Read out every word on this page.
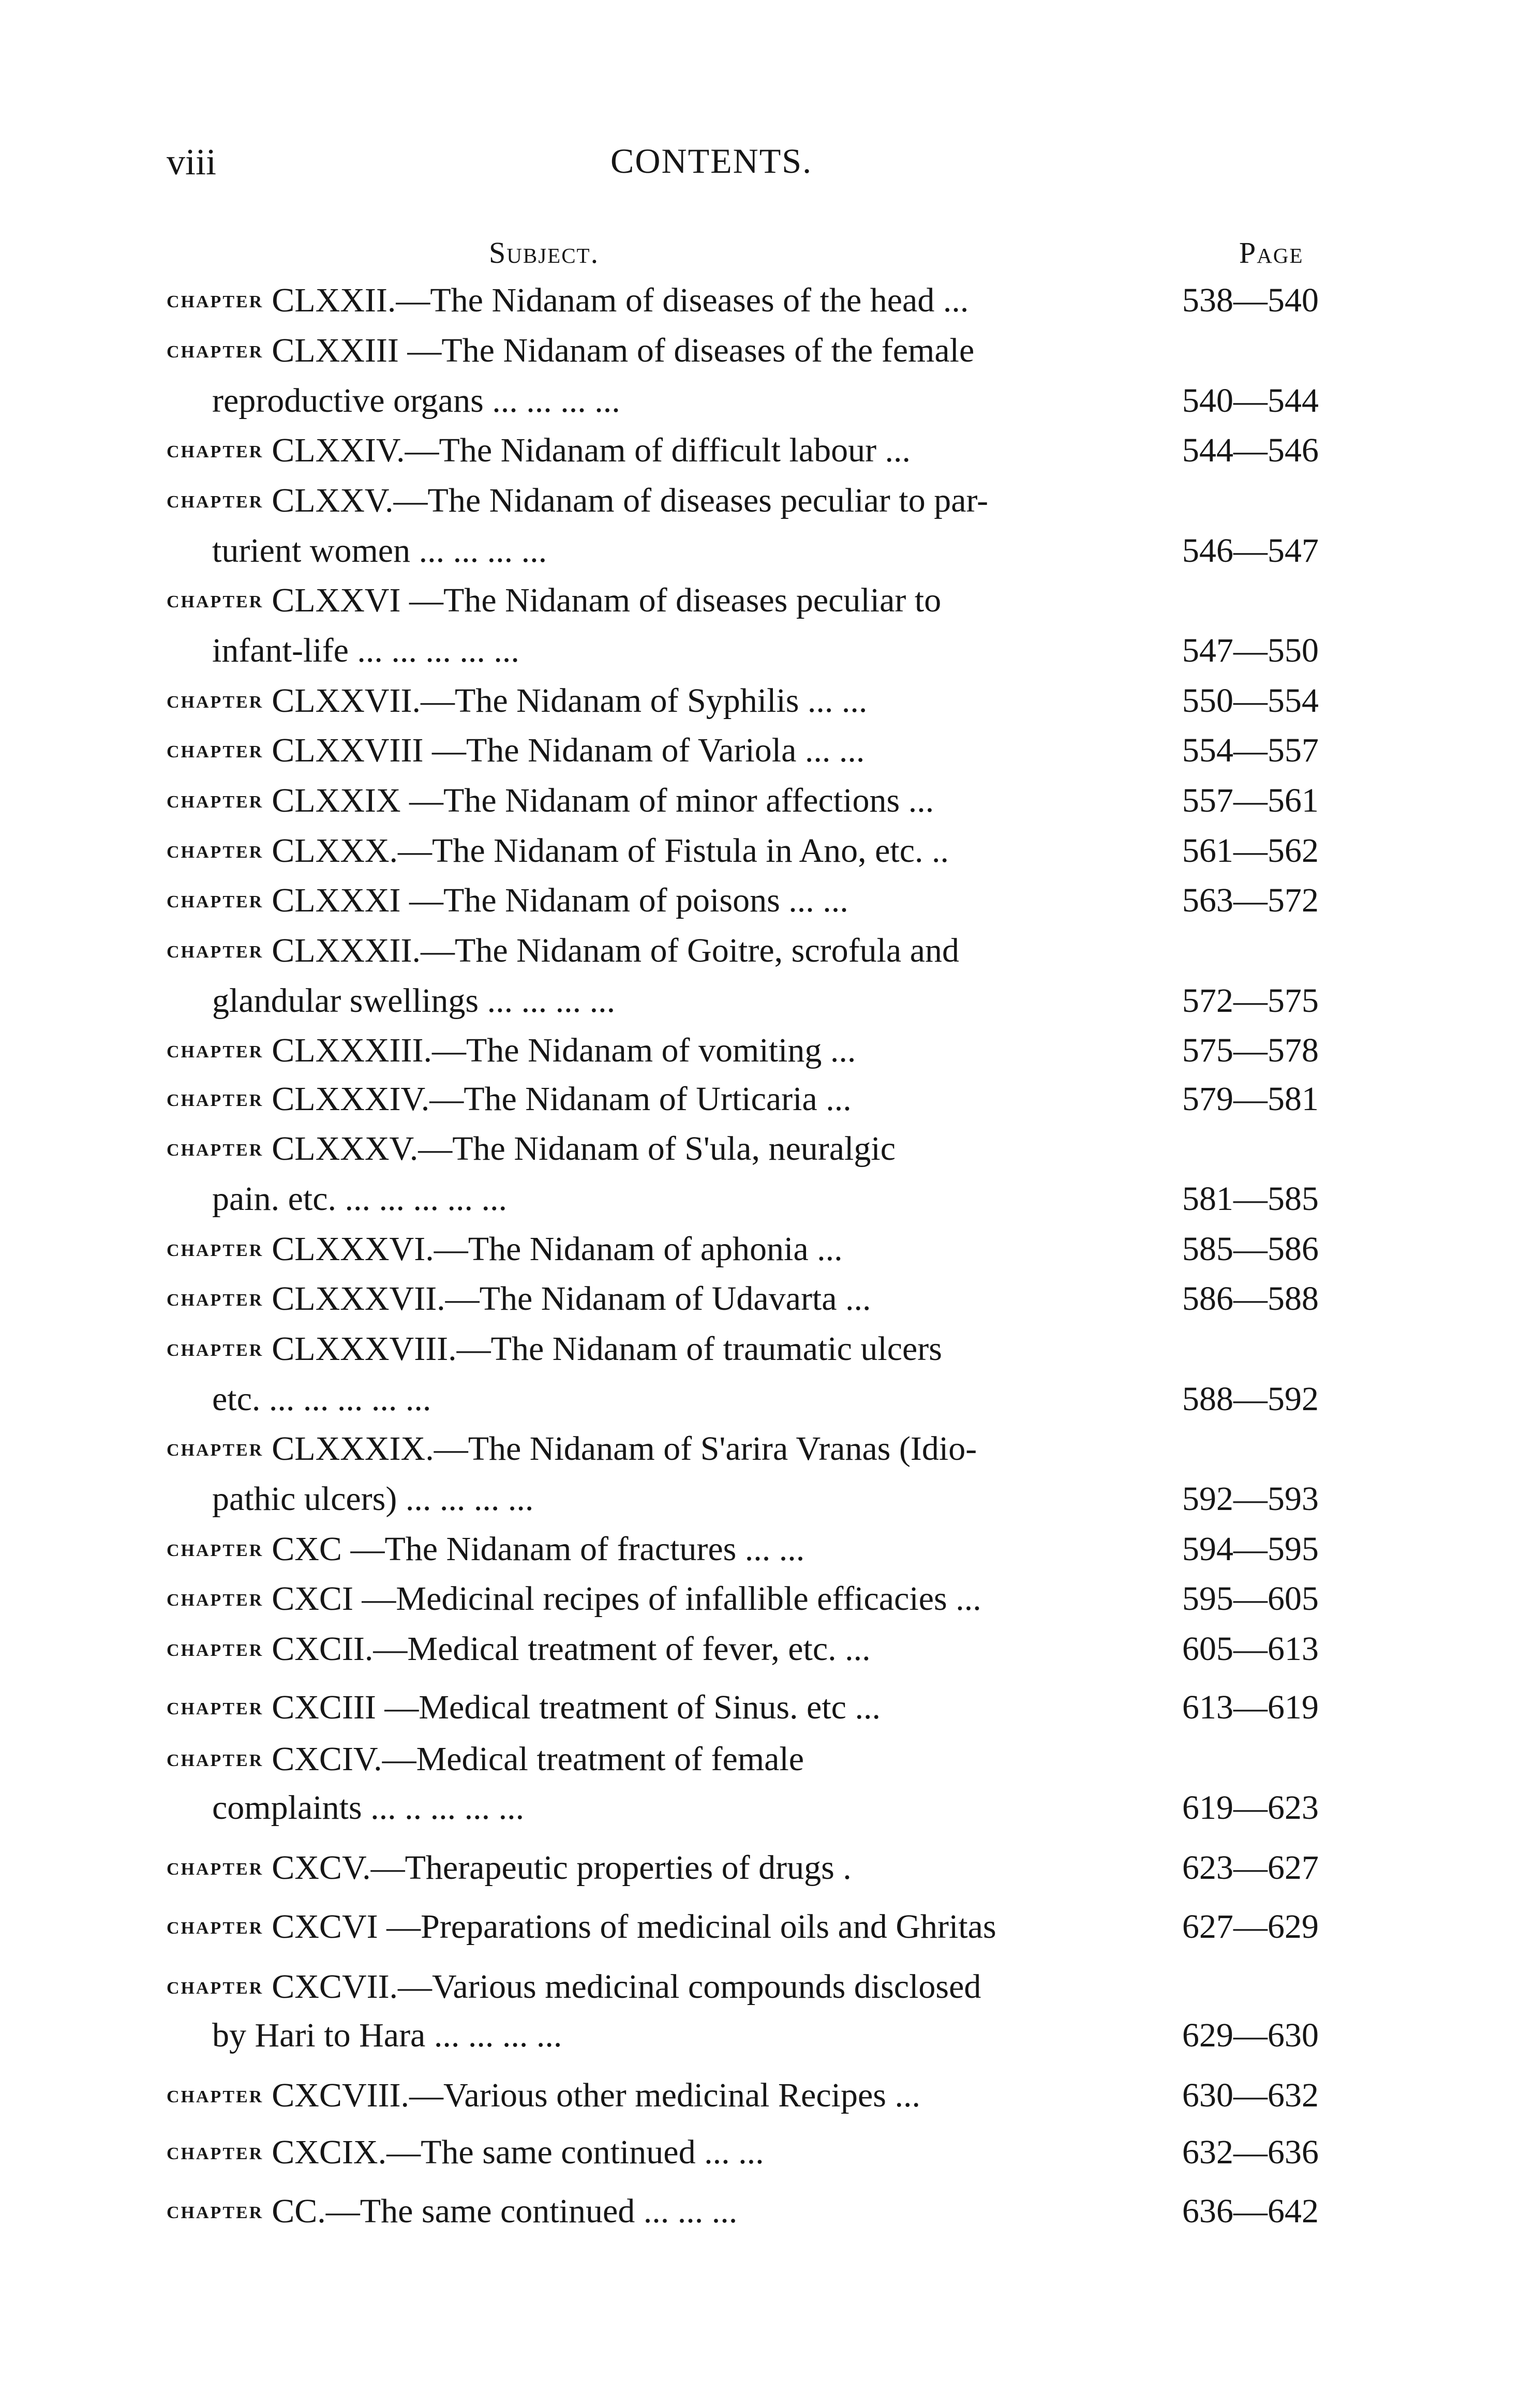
viii	CONTENTS.
Subject.	Page
CHAPTER CLXXII.—The Nidanam of diseases of the head ...	538—540
CHAPTER CLXXIII —The Nidanam of diseases of the female
reproductive organs ... ... ... ...	540—544
CHAPTER CLXXIV.—The Nidanam of difficult labour ...	544—546
CHAPTER CLXXV.—The Nidanam of diseases peculiar to par-
turient women ... ... ... ...	546—547
CHAPTER CLXXVI —The Nidanam of diseases peculiar to
infant-life ... ... ... ... ...	547—550
CHAPTER CLXXVII.—The Nidanam of Syphilis ... ...	550—554
CHAPTER CLXXVIII —The Nidanam of Variola ... ...	554—557
CHAPTER CLXXIX —The Nidanam of minor affections ...	557—561
CHAPTER CLXXX.—The Nidanam of Fistula in Ano, etc. ..	561—562
CHAPTER CLXXXI —The Nidanam of poisons ... ...	563—572
CHAPTER CLXXXII.—The Nidanam of Goitre, scrofula and
glandular swellings ... ... ... ...	572—575
CHAPTER CLXXXIII.—The Nidanam of vomiting ...	575—578
CHAPTER CLXXXIV.—The Nidanam of Urticaria ...	579—581
CHAPTER CLXXXV.—The Nidanam of S'ula, neuralgic
pain. etc. ... ... ... ... ...	581—585
CHAPTER CLXXXVI.—The Nidanam of aphonia ...	585—586
CHAPTER CLXXXVII.—The Nidanam of Udavarta ...	586—588
CHAPTER CLXXXVIII.—The Nidanam of traumatic ulcers
etc. ... ... ... ... ...	588—592
CHAPTER CLXXXIX.—The Nidanam of S'arira Vranas (Idio-
pathic ulcers) ... ... ... ...	592—593
CHAPTER CXC —The Nidanam of fractures ... ...	594—595
CHAPTER CXCI —Medicinal recipes of infallible efficacies ...	595—605
CHAPTER CXCII.—Medical treatment of fever, etc. ...	605—613
CHAPTER CXCIII —Medical treatment of Sinus. etc ...	613—619
CHAPTER CXCIV.—Medical treatment of female
complaints ... .. ... ... ...	619—623
CHAPTER CXCV.—Therapeutic properties of drugs .	623—627
CHAPTER CXCVI —Preparations of medicinal oils and Ghritas	627—629
CHAPTER CXCVII.—Various medicinal compounds disclosed
by Hari to Hara ... ... ... ...	629—630
CHAPTER CXCVIII.—Various other medicinal Recipes ...	630—632
CHAPTER CXCIX.—The same continued ... ...	632—636
CHAPTER CC.—The same continued ... ... ...	636—642
